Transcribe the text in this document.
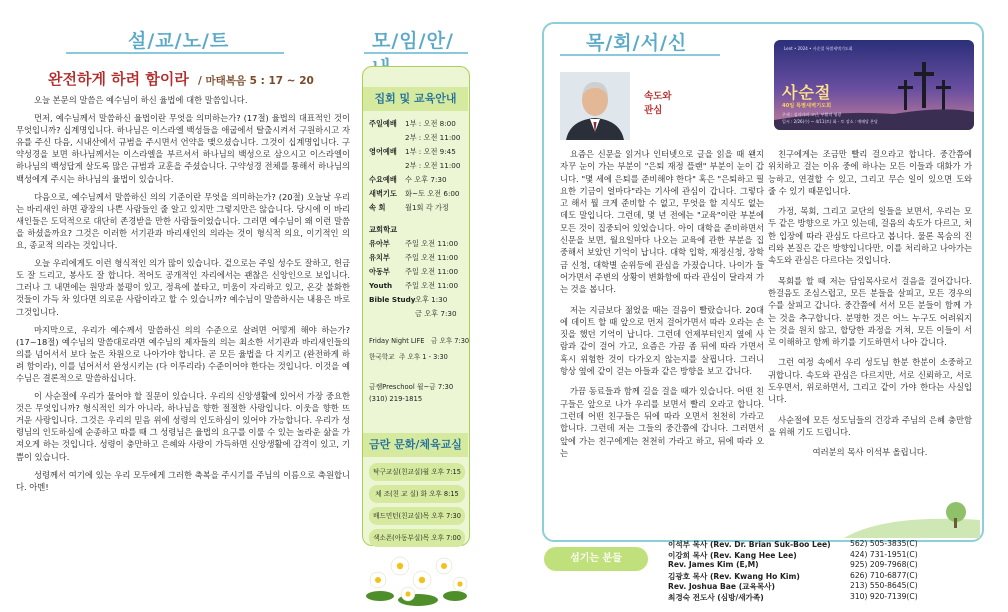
설/교/노/트
완전하게 하려 함이라 / 마태복음 5 : 17 ~ 20

오늘 본문의 말씀은 예수님이 하신 율법에 대한 말씀입니다.

먼저, 예수님께서 말씀하신 율법이란 무엇을 의미하는가? (17절) 율법의 대표적인 것이 무엇입니까? 십계명입니다. 하나님은 이스라엘 백성들을 애굽에서 탈출시켜서 구원하시고 자유를 주신 다음, 시내산에서 규범을 주시면서 언약을 맺으셨습니다. 그것이 십계명입니다. 구약성경을 보면 하나님께서는 이스라엘을 부르셔서 하나님의 백성으로 삼으시고 이스라엘이 하나님의 백성답게 살도록 많은 규범과 교훈을 주셨습니다. 구약성경 전체를 통해서 하나님의 백성에게 주시는 하나님의 율법이 있습니다.

다음으로, 예수님께서 말씀하신 의의 기준이란 무엇을 의미하는가? (20절) 오늘날 우리는 바리새인 하면 광장의 나쁜 사람들인 줄 알고 있지만 그렇지만은 않습니다. 당시에 이 바리새인들은 도덕적으로 대단히 존경받을 만한 사람들이었습니다. 그러면 예수님이 왜 이런 말씀을 하셨을까요? 그것은 이러한 서기관과 바리새인의 의라는 것이 형식적 의요, 이기적인 의요, 종교적 의라는 것입니다.

오늘 우리에게도 이런 형식적인 의가 많이 있습니다. 겉으로는 주일 성수도 잘하고, 헌금도 잘 드리고, 봉사도 잘 합니다. 적어도 공개적인 자리에서는 괜찮은 신앙인으로 보입니다. 그러나 그 내면에는 원망과 불평이 있고, 정욕에 불타고, 미움이 자리하고 있고, 온갖 불화한 것들이 가득 차 있다면 의로운 사람이라고 할 수 있습니까? 예수님이 말씀하시는 내용은 바로 그것입니다.

마지막으로, 우리가 예수께서 말씀하신 의의 수준으로 살려면 어떻게 해야 하는가? (17~18절) 예수님의 말씀대로라면 예수님의 제자들의 의는 최소한 서기관과 바리새인들의 의를 넘어서서 보다 높은 차원으로 나아가야 합니다. 곧 모든 율법을 다 지키고 (완전하게 하려 함이라), 이를 넘어서서 완성시키는 (다 이루리라) 수준이어야 한다는 것입니다. 이것을 예수님은 결론적으로 말씀하십니다.

이 사순절에 우리가 물어야 할 질문이 있습니다. 우리의 신앙생활에 있어서 가장 중요한 것은 무엇입니까? 형식적인 의가 아니라, 하나님을 향한 절절한 사랑입니다. 이웃을 향한 뜨거운 사랑입니다. 그것은 우리의 믿음 위에 성령의 인도하심이 있어야 가능합니다. 우리가 성령님의 인도하심에 순종하고 따를 때 그 성령님은 율법의 요구를 이룰 수 있는 놀라운 삶을 가져오게 하는 것입니다. 성령이 충만하고 은혜와 사랑이 가득하면 신앙생활에 감격이 있고, 기쁨이 있습니다.

성령께서 여기에 있는 우리 모두에게 그러한 축복을 주시기를 주님의 이름으로 축원합니다. 아멘!

모/임/안/
집회 및 교육안내
주일예배 1부 : 오전 8:00
2부 : 오전 11:00
영어예배 1부 : 오전 9:45
2부 : 오전 11:00
수요예배 수 오후 7:30
새벽기도 화~토 오전 6:00
속 회	월1회 각 가정
교회학교
유아부 주일 오전 11:00
유치부 주일 오전 11:00
아동부 주일 오전 11:00
Youth 주일 오전 11:00
Bible Study오후 1:30
금 오후 7:30
Friday Night LIFE 금 오후 7:30
한국학교 주 오후 1 - 3:30
금쌤Preschool 월~금 7:30
(310) 219-1815
금란 문화/체육교실
탁구교실(친교실)월 오후 7:15
체 조(친 교 실) 화 오후 8:15
배드민턴(친교실)목 오후 7:30
색소폰(아동부실)목 오후 7:00
목/회/서/신
속도와
관심
Lent • 2024 • 사순절 특별새벽기도회
사순절
40일 특별새벽기도회
주제 : 십자가의 고난, 부활의 영광
일시 : 2/26(수) ~ 4/11(토) 화 - 토 장소 : 예배당 본당

요즘은 신문을 읽거나 인터넷으로 글을 읽을 때 왠지 자꾸 눈이 가는 부분이 "은퇴 재정 플랜" 부분이 눈이 갑니다. "몇 세에 은퇴를 준비해야 한다" 혹은 "은퇴하고 필요한 기금이 얼마다"라는 기사에 관심이 갑니다. 그렇다고 해서 뭘 크게 준비할 수 없고, 무엇을 할 지식도 없는데도 말입니다. 그런데, 몇 년 전에는 "교육"이란 부분에 모든 것이 집중되어 있었습니다. 아이 대학을 준비하면서 신문을 보면, 월요일마다 나오는 교육에 관한 부분을 집중해서 보았던 기억이 납니다. 대학 입학, 재정신청, 장학금 신청, 대학별 순위등에 관심을 가졌습니다. 나이가 들어가면서 주변의 상황이 변화함에 따라 관심이 달라져 가는 것을 봅니다.

저는 지금보다 젊었을 때는 걸음이 빨랐습니다. 20대에 데이트 할 때 앞으로 먼저 걸어가면서 따라 오라는 손짓을 했던 기억이 납니다. 그런데 언제부터인지 옆에 사람과 같이 걸어 가고, 요즘은 가끔 좀 뒤에 따라 가면서 혹시 위험한 것이 다가오지 않는지를 살핍니다. 그러니 항상 옆에 같이 걷는 아들과 같은 방향을 보고 갑니다.

가끔 동료들과 함께 길을 걸을 때가 있습니다. 어떤 친구들은 앞으로 나가 우리를 보면서 빨리 오라고 합니다. 그런데 어떤 친구들은 뒤에 따라 오면서 천천히 가라고 합니다. 그런데 저는 그들의 중간쯤에 갑니다. 그러면서 앞에 가는 친구에게는 천천히 가라고 하고, 뒤에 따라 오는

친구에게는 조금만 빨리 걸으라고 합니다. 중간쯤에 위치하고 걸는 이유 중에 하나는 모든 이들과 대화가 가능하고, 연결할 수 있고, 그리고 무슨 일이 있으면 도와 줄 수 있기 때문입니다.

가정, 목회, 그리고 교단의 일들을 보면서, 우리는 모두 같은 방향으로 가고 있는데, 걸음의 속도가 다르고, 처한 입장에 따라 관심도 다르다고 봅니다. 물론 목숨의 진리와 본질은 같은 방향입니다만, 이를 처리하고 나아가는 속도와 관심은 다르다는 것입니다.

목회를 할 때 저는 담임목사로서 걸음을 걸어갑니다. 한걸음도 조심스럽고, 모든 분들을 살피고, 모든 경우의 수를 살피고 갑니다. 중간쯤에 서서 모든 분들이 함께 가는 것을 추구합니다. 분명한 것은 어느 누구도 어려워지는 것을 원치 않고, 합당한 과정을 거쳐, 모든 이들이 서로 이해하고 함께 하기를 기도하면서 나아 갑니다.

그런 여정 속에서 우리 성도님 한분 한분이 소중하고 귀합니다. 속도와 관심은 다르지만, 서로 신뢰하고, 서로 도우면서, 위로하면서, 그리고 같이 가야 한다는 사실입니다.

사순절에 모든 성도님들의 건강과 주님의 은혜 충만함을 위해 기도 드립니다.

여러분의 목사 이석부 올립니다.

섬기는 분들
이석부 목사 (Rev. Dr. Brian Suk-Boo Lee)	562) 505-3835(C)
이강희 목사 (Rev. Kang Hee Lee)	424) 731-1951(C)
Rev. James Kim (E,M)	925) 209-7968(C)
김광호 목사 (Rev. Kwang Ho Kim)	626) 710-6877(C)
Rev. Joshua Bae (교육목사)	213) 550-8645(C)
최경숙 전도사 (심방/새가족)	310) 920-7139(C)
